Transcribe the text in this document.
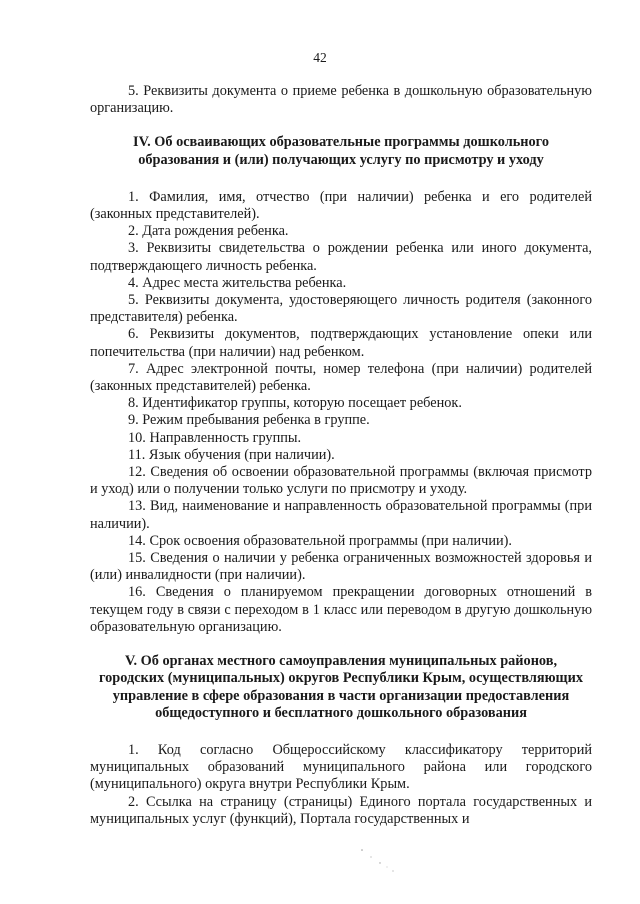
42

5. Реквизиты документа о приеме ребенка в дошкольную образовательную организацию.

IV. Об осваивающих образовательные программы дошкольного образования и (или) получающих услугу по присмотру и уходу

1. Фамилия, имя, отчество (при наличии) ребенка и его родителей (законных представителей).

2. Дата рождения ребенка.

3. Реквизиты свидетельства о рождении ребенка или иного документа, подтверждающего личность ребенка.

4. Адрес места жительства ребенка.

5. Реквизиты документа, удостоверяющего личность родителя (законного представителя) ребенка.

6. Реквизиты документов, подтверждающих установление опеки или попечительства (при наличии) над ребенком.

7. Адрес электронной почты, номер телефона (при наличии) родителей (законных представителей) ребенка.

8. Идентификатор группы, которую посещает ребенок.

9. Режим пребывания ребенка в группе.

10. Направленность группы.

11. Язык обучения (при наличии).

12. Сведения об освоении образовательной программы (включая присмотр и уход) или о получении только услуги по присмотру и уходу.

13. Вид, наименование и направленность образовательной программы (при наличии).

14. Срок освоения образовательной программы (при наличии).

15. Сведения о наличии у ребенка ограниченных возможностей здоровья и (или) инвалидности (при наличии).

16. Сведения о планируемом прекращении договорных отношений в текущем году в связи с переходом в 1 класс или переводом в другую дошкольную образовательную организацию.

V. Об органах местного самоуправления муниципальных районов, городских (муниципальных) округов Республики Крым, осуществляющих управление в сфере образования в части организации предоставления общедоступного и бесплатного дошкольного образования

1. Код согласно Общероссийскому классификатору территорий муниципальных образований муниципального района или городского (муниципального) округа внутри Республики Крым.

2. Ссылка на страницу (страницы) Единого портала государственных и муниципальных услуг (функций), Портала государственных и
